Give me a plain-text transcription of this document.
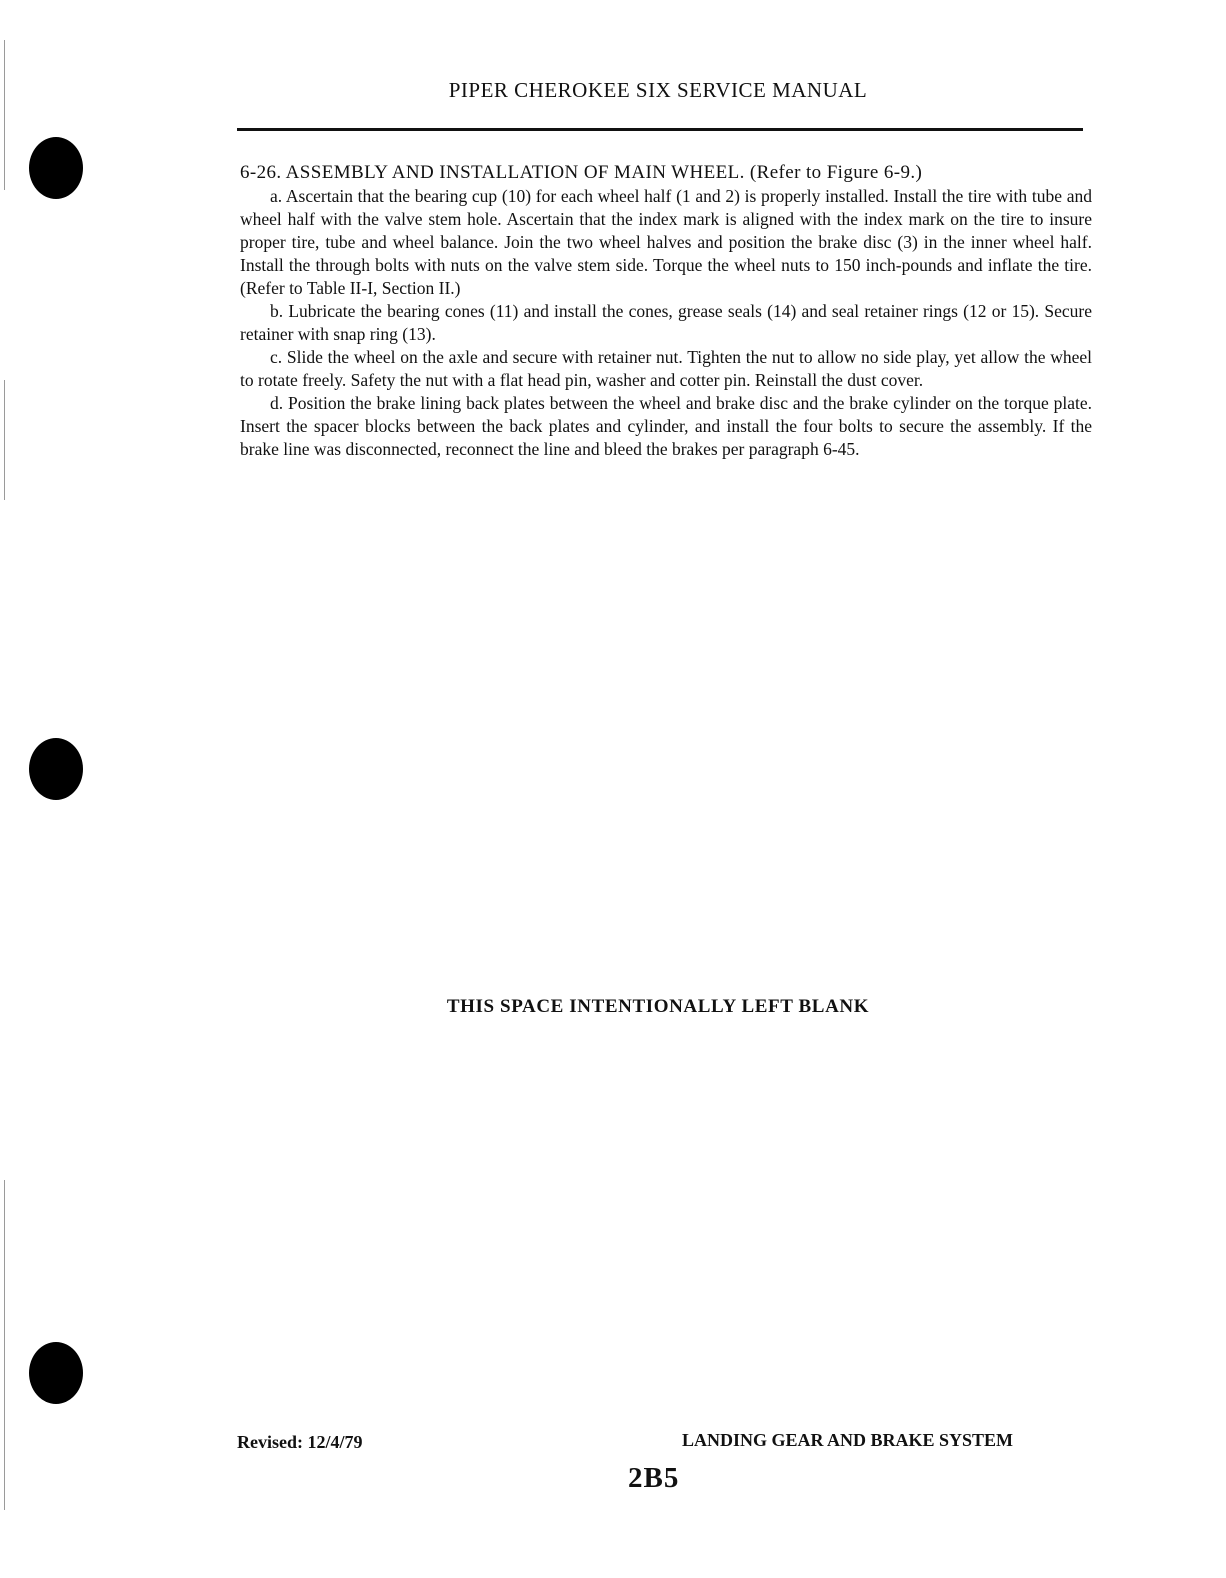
PIPER CHEROKEE SIX SERVICE MANUAL
6-26. ASSEMBLY AND INSTALLATION OF MAIN WHEEL. (Refer to Figure 6-9.)

a. Ascertain that the bearing cup (10) for each wheel half (1 and 2) is properly installed. Install the tire with tube and wheel half with the valve stem hole. Ascertain that the index mark is aligned with the index mark on the tire to insure proper tire, tube and wheel balance. Join the two wheel halves and position the brake disc (3) in the inner wheel half. Install the through bolts with nuts on the valve stem side. Torque the wheel nuts to 150 inch-pounds and inflate the tire. (Refer to Table II-I, Section II.)

b. Lubricate the bearing cones (11) and install the cones, grease seals (14) and seal retainer rings (12 or 15). Secure retainer with snap ring (13).

c. Slide the wheel on the axle and secure with retainer nut. Tighten the nut to allow no side play, yet allow the wheel to rotate freely. Safety the nut with a flat head pin, washer and cotter pin. Reinstall the dust cover.

d. Position the brake lining back plates between the wheel and brake disc and the brake cylinder on the torque plate. Insert the spacer blocks between the back plates and cylinder, and install the four bolts to secure the assembly. If the brake line was disconnected, reconnect the line and bleed the brakes per paragraph 6-45.

THIS SPACE INTENTIONALLY LEFT BLANK
Revised: 12/4/79	LANDING GEAR AND BRAKE SYSTEM
2B5
